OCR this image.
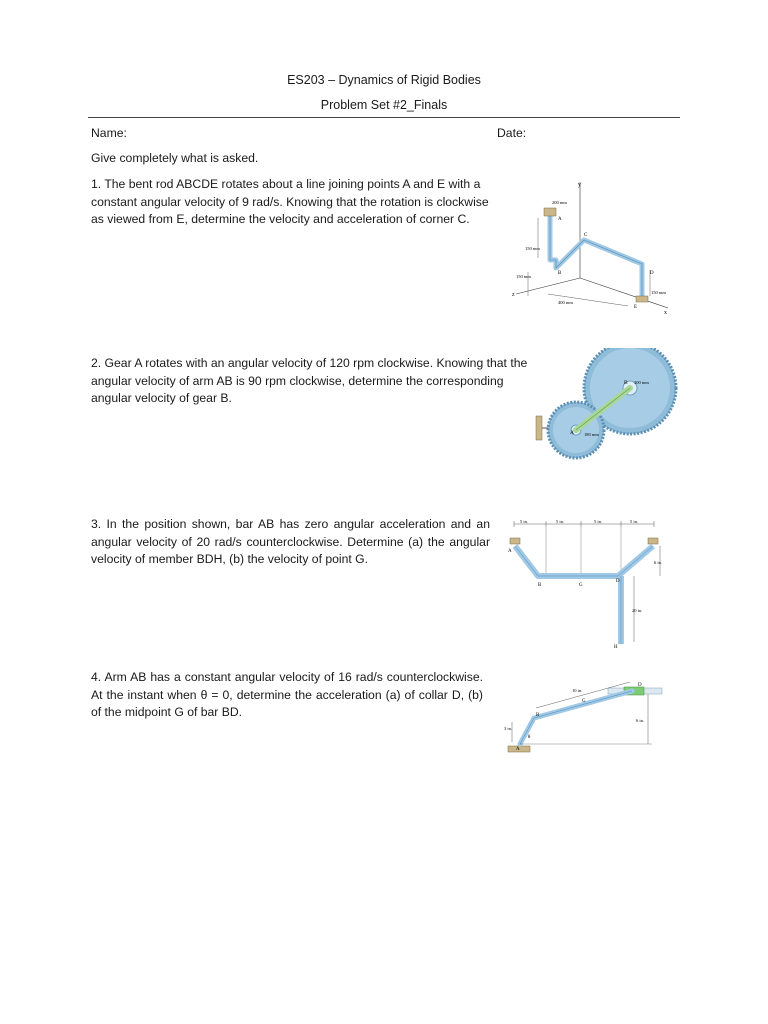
ES203 – Dynamics of Rigid Bodies
Problem Set #2_Finals
Name:	Date:
Give completely what is asked.
1. The bent rod ABCDE rotates about a line joining points A and E with a constant angular velocity of 9 rad/s. Knowing that the rotation is clockwise as viewed from E, determine the velocity and acceleration of corner C.
y
z
x
A
B
C
D
E
200 mm
150 mm
150 mm
400 mm
150 mm
2. Gear A rotates with an angular velocity of 120 rpm clockwise. Knowing that the angular velocity of arm AB is 90 rpm clockwise, determine the corresponding angular velocity of gear B.
A
B 300 mm
180 mm
3. In the position shown, bar AB has zero angular acceleration and an angular velocity of 20 rad/s counterclockwise. Determine (a) the angular velocity of member BDH, (b) the velocity of point G.
5 in.	5 in.	5 in.	5 in.
6 in.
20 in.
A
B	G
D
H
4. Arm AB has a constant angular velocity of 16 rad/s counterclockwise. At the instant when θ = 0, determine the acceleration (a) of collar D, (b) of the midpoint G of bar BD.
10 in.
3 in.
6 in.
A
B
D
G
θ
